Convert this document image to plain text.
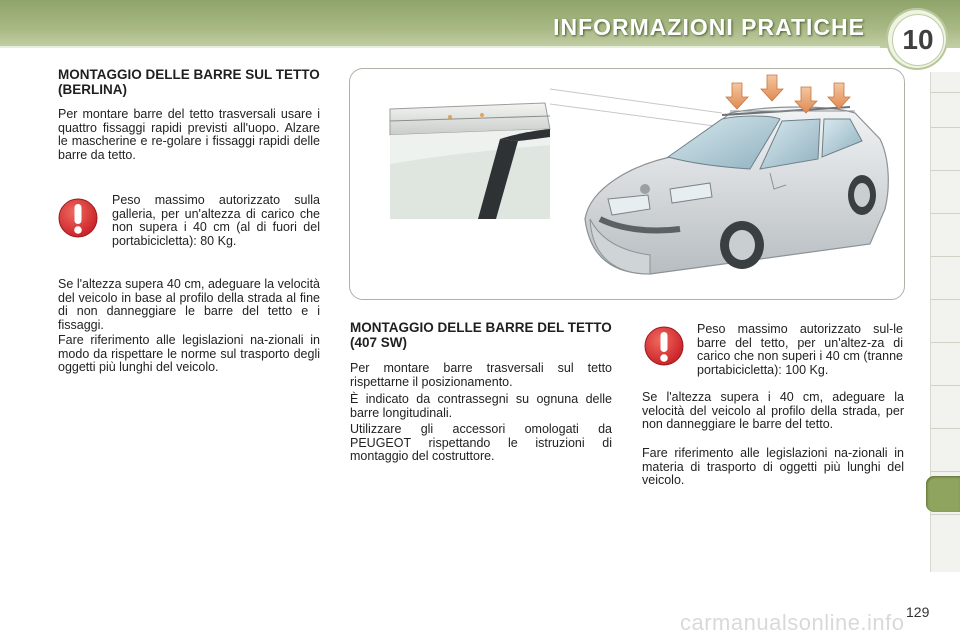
INFORMAZIONI PRATICHE	10
MONTAGGIO DELLE BARRE SUL TETTO (BERLINA)

Per montare barre del tetto trasversali usare i quattro fissaggi rapidi previsti all'uopo. Alzare le mascherine e re-golare i fissaggi rapidi delle barre da tetto.

Peso massimo autorizzato sulla galleria, per un'altezza di carico che non supera i 40 cm (al di fuori del portabicicletta): 80 Kg.

Se l'altezza supera 40 cm, adeguare la velocità del veicolo in base al profilo della strada al fine di non danneggiare le barre del tetto e i fissaggi.

Fare riferimento alle legislazioni na-zionali in modo da rispettare le norme sul trasporto degli oggetti più lunghi del veicolo.

MONTAGGIO DELLE BARRE DEL TETTO (407 SW)

Per montare barre trasversali sul tetto rispettarne il posizionamento.

È indicato da contrassegni su ognuna delle barre longitudinali.

Utilizzare gli accessori omologati da PEUGEOT rispettando le istruzioni di montaggio del costruttore.

Peso massimo autorizzato sul-le barre del tetto, per un'altez-za di carico che non superi i 40 cm (tranne portabicicletta): 100 Kg.

Se l'altezza supera i 40 cm, adeguare la velocità del veicolo al profilo della strada, per non danneggiare le barre del tetto.

Fare riferimento alle legislazioni na-zionali in materia di trasporto di oggetti più lunghi del veicolo.

carmanualsonline.info 129
